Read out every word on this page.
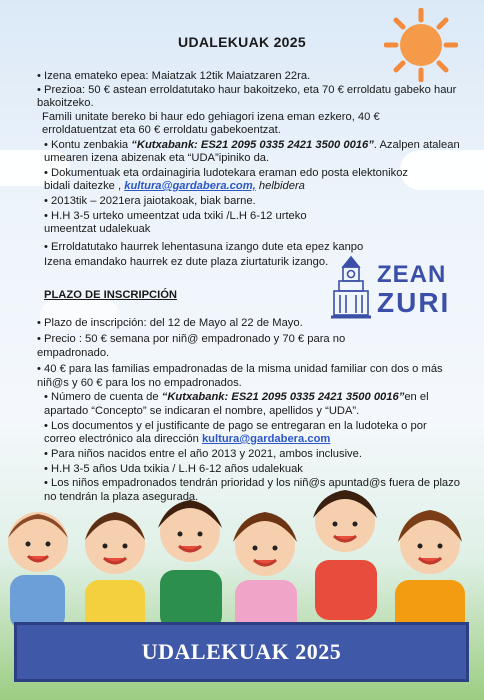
UDALEKUAK 2025
• Izena emateko epea: Maiatzak 12tik Maiatzaren 22ra.
• Prezioa: 50 € astean erroldatutako haur bakoitzeko, eta 70 € erroldatu gabeko haur
bakoitzeko.
Famili unitate bereko bi haur edo gehiagori izena eman ezkero, 40 €
erroldatuentzat eta 60 € erroldatu gabekoentzat.
• Kontu zenbakia “Kutxabank: ES21 2095 0335 2421 3500 0016”. Azalpen atalean
umearen izena abizenak eta “UDA”ipiniko da.
• Dokumentuak eta ordainagiria ludotekara eraman edo posta elektonikoz
bidali daitezke , kultura@gardabera.com, helbidera
• 2013tik – 2021era jaiotakoak, biak barne.
• H.H 3-5 urteko umeentzat uda txiki /L.H 6-12 urteko
umeentzat udalekuak
• Erroldatutako haurrek lehentasuna izango dute eta epez kanpo
Izena emandako haurrek ez dute plaza ziurtaturik izango. ZEAN
ZURI
PLAZO DE INSCRIPCIÓN
• Plazo de inscripción: del 12 de Mayo al 22 de Mayo.
• Precio : 50 € semana por niñ@ empadronado y 70 € para no
empadronado.
• 40 € para las familias empadronadas de la misma unidad familiar con dos o más
niñ@s y 60 € para los no empadronados.
• Número de cuenta de “Kutxabank: ES21 2095 0335 2421 3500 0016”en el
apartado “Concepto” se indicaran el nombre, apellidos y “UDA”.
• Los documentos y el justificante de pago se entregaran en la ludoteka o por
correo electrónico ala dirección kultura@gardabera.com
• Para niños nacidos entre el año 2013 y 2021, ambos inclusive.
• H.H 3-5 años Uda txikia / L.H 6-12 años udalekuak
• Los niños empadronados tendrán prioridad y los niñ@s apuntad@s fuera de plazo
no tendrán la plaza asegurada.
UDALEKUAK 2025
